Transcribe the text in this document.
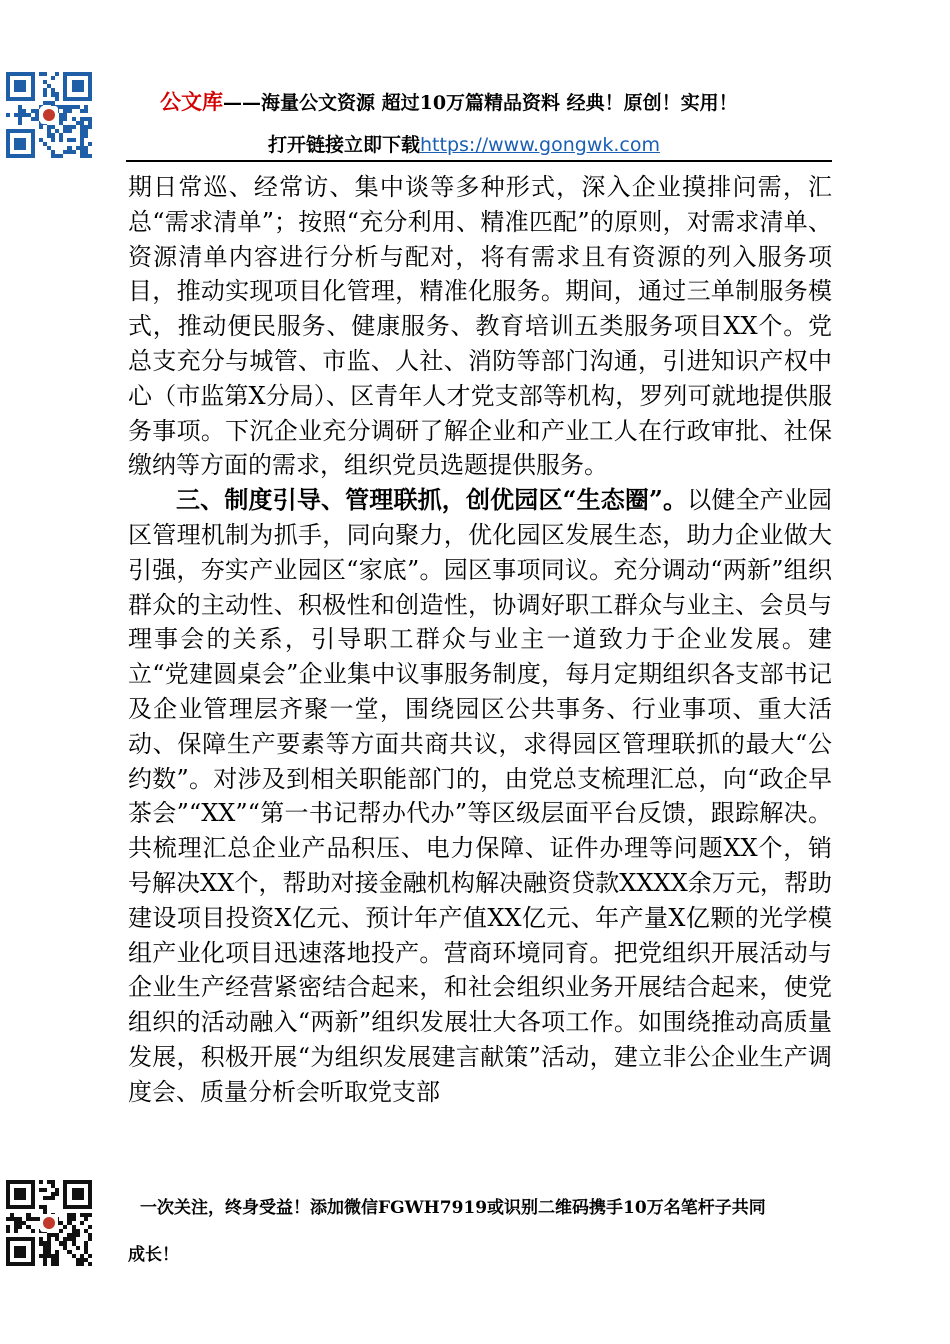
公文库——海量公文资源 超过10万篇精品资料 经典！原创！实用！
打开链接立即下载https://www.gongwk.com

期日常巡、经常访、集中谈等多种形式，深入企业摸排问需，汇总“需求清单”；按照“充分利用、精准匹配”的原则，对需求清单、资源清单内容进行分析与配对，将有需求且有资源的列入服务项目，推动实现项目化管理，精准化服务。期间，通过三单制服务模式，推动便民服务、健康服务、教育培训五类服务项目XX个。党总支充分与城管、市监、人社、消防等部门沟通，引进知识产权中心（市监第X分局）、区青年人才党支部等机构，罗列可就地提供服务事项。下沉企业充分调研了解企业和产业工人在行政审批、社保缴纳等方面的需求，组织党员选题提供服务。

三、制度引导、管理联抓，创优园区“生态圈”。以健全产业园区管理机制为抓手，同向聚力，优化园区发展生态，助力企业做大引强，夯实产业园区“家底”。园区事项同议。充分调动“两新”组织群众的主动性、积极性和创造性，协调好职工群众与业主、会员与理事会的关系，引导职工群众与业主一道致力于企业发展。建立“党建圆桌会”企业集中议事服务制度，每月定期组织各支部书记及企业管理层齐聚一堂，围绕园区公共事务、行业事项、重大活动、保障生产要素等方面共商共议，求得园区管理联抓的最大“公约数”。对涉及到相关职能部门的，由党总支梳理汇总，向“政企早茶会”“XX”“第一书记帮办代办”等区级层面平台反馈，跟踪解决。共梳理汇总企业产品积压、电力保障、证件办理等问题XX个，销号解决XX个，帮助对接金融机构解决融资贷款XXXX余万元，帮助建设项目投资X亿元、预计年产值XX亿元、年产量X亿颗的光学模组产业化项目迅速落地投产。营商环境同育。把党组织开展活动与企业生产经营紧密结合起来，和社会组织业务开展结合起来，使党组织的活动融入“两新”组织发展壮大各项工作。如围绕推动高质量发展，积极开展“为组织发展建言献策”活动，建立非公企业生产调度会、质量分析会听取党支部

一次关注，终身受益！添加微信FGWH7919或识别二维码携手10万名笔杆子共同
成长！
